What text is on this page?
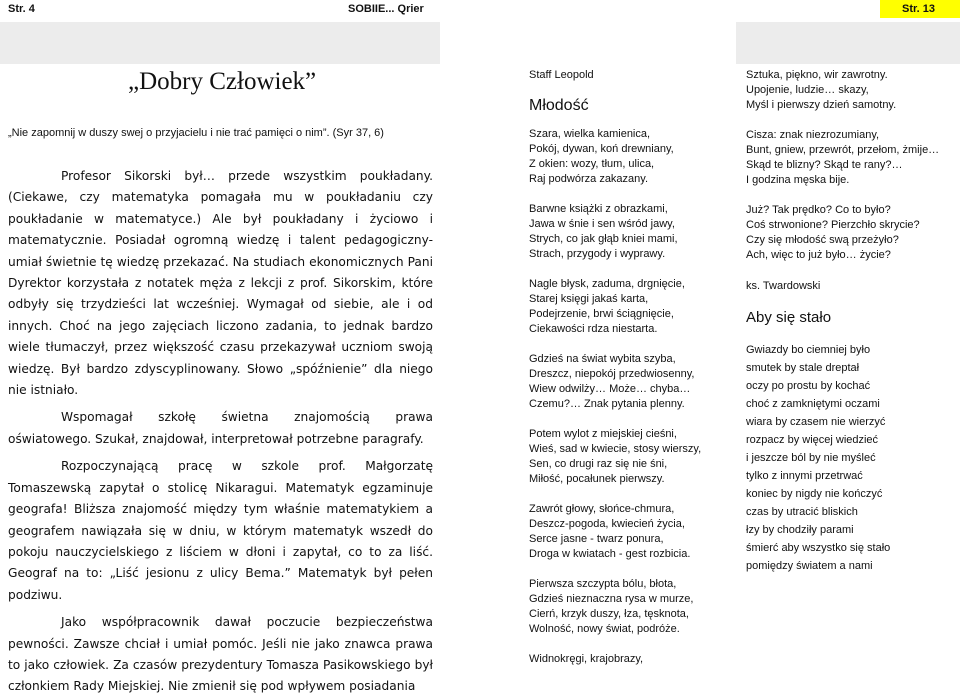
Str. 4	SOBIIE... Qrier	Str. 13
„Dobry Człowiek”
„Nie zapomnij w duszy swej o przyjacielu i nie trać pamięci o nim”. (Syr 37, 6)

Profesor Sikorski był… przede wszystkim poukładany. (Ciekawe, czy matematyka pomagała mu w poukładaniu czy poukładanie w matematyce.) Ale był poukładany i życiowo i matematycznie. Posiadał ogromną wiedzę i talent pedagogiczny-umiał świetnie tę wiedzę przekazać. Na studiach ekonomicznych Pani Dyrektor korzystała z notatek męża z lekcji z prof. Sikorskim, które odbyły się trzydzieści lat wcześniej. Wymagał od siebie, ale i od innych. Choć na jego zajęciach liczono zadania, to jednak bardzo wiele tłumaczył, przez większość czasu przekazywał uczniom swoją wiedzę. Był bardzo zdyscyplinowany. Słowo „spóźnienie” dla niego nie istniało.

Wspomagał szkołę świetna znajomością prawa oświatowego. Szukał, znajdował, interpretował potrzebne paragrafy.

Rozpoczynającą pracę w szkole prof. Małgorzatę Tomaszewską zapytał o stolicę Nikaragui. Matematyk egzaminuje geografa! Bliższa znajomość między tym właśnie matematykiem a geografem nawiązała się w dniu, w którym matematyk wszedł do pokoju nauczycielskiego z liściem w dłoni i zapytał, co to za liść. Geograf na to: „Liść jesionu z ulicy Bema.” Matematyk był pełen podziwu.

Jako współpracownik dawał poczucie bezpieczeństwa pewności. Zawsze chciał i umiał pomóc. Jeśli nie jako znawca prawa to jako człowiek. Za czasów prezydentury Tomasza Pasikowskiego był członkiem Rady Miejskiej. Nie zmienił się pod wpływem posiadania

Staff Leopold

Młodość

Szara, wielka kamienica,
Pokój, dywan, koń drewniany,
Z okien: wozy, tłum, ulica,
Raj podwórza zakazany.
Barwne książki z obrazkami,
Jawa w śnie i sen wśród jawy,
Strych, co jak głąb kniei mami,
Strach, przygody i wyprawy.
Nagle błysk, zaduma, drgnięcie,
Starej księgi jakaś karta,
Podejrzenie, brwi ściągnięcie,
Ciekawości rdza niestarta.
Gdzieś na świat wybita szyba,
Dreszcz, niepokój przedwiosenny,
Wiew odwilży… Może… chyba…
Czemu?… Znak pytania plenny.
Potem wylot z miejskiej cieśni,
Wieś, sad w kwiecie, stosy wierszy,
Sen, co drugi raz się nie śni,
Miłość, pocałunek pierwszy.
Zawrót głowy, słońce-chmura,
Deszcz-pogoda, kwiecień życia,
Serce jasne - twarz ponura,
Droga w kwiatach - gest rozbicia.
Pierwsza szczypta bólu, błota,
Gdzieś nieznaczna rysa w murze,
Cierń, krzyk duszy, łza, tęsknota,
Wolność, nowy świat, podróże.
Widnokręgi, krajobrazy,
Sztuka, piękno, wir zawrotny.
Upojenie, ludzie… skazy,
Myśl i pierwszy dzień samotny.
Cisza: znak niezrozumiany,
Bunt, gniew, przewrót, przełom, żmije…
Skąd te blizny? Skąd te rany?…
I godzina męska bije.
Już? Tak prędko? Co to było?
Coś strwonione? Pierzchło skrycie?
Czy się młodość swą przeżyło?
Ach, więc to już było… życie?

ks. Twardowski

Aby się stało

Gwiazdy bo ciemniej było
smutek by stale dreptał
oczy po prostu by kochać
choć z zamkniętymi oczami
wiara by czasem nie wierzyć
rozpacz by więcej wiedzieć
i jeszcze ból by nie myśleć
tylko z innymi przetrwać
koniec by nigdy nie kończyć
czas by utracić bliskich
łzy by chodziły parami
śmierć aby wszystko się stało
pomiędzy światem a nami
